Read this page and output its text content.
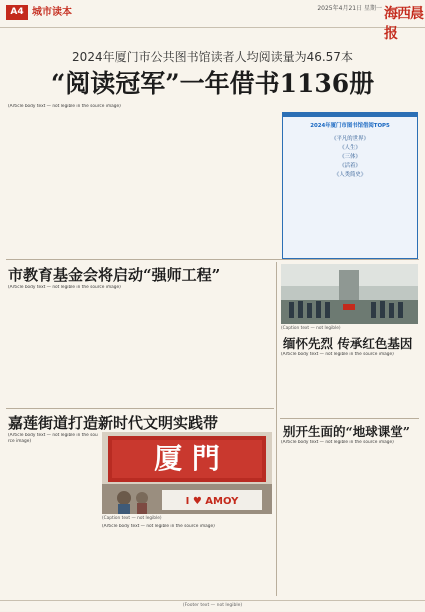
A4 城市读本	2025年4月21日 星期一 海西晨报
2024年厦门市公共图书馆读者人均阅读量为46.57本
“阅读冠军”一年借书1136册
(Article body text — not legible in the source image)
2024年厦门市图书馆借阅TOP5
《平凡的世界》
《人生》
《三体》
《活着》
《人类简史》
市教育基金会将启动“强师工程”
(Article body text — not legible in the source image)
嘉莲街道打造新时代文明实践带
(Article body text — not legible in the source image)
厦 門
I ♥ AMOY
(Caption text — not legible)
(Article body text — not legible in the source image)
(Caption text — not legible)
缅怀先烈 传承红色基因
(Article body text — not legible in the source image)
别开生面的“地球课堂”
(Article body text — not legible in the source image)
(Footer text — not legible)
